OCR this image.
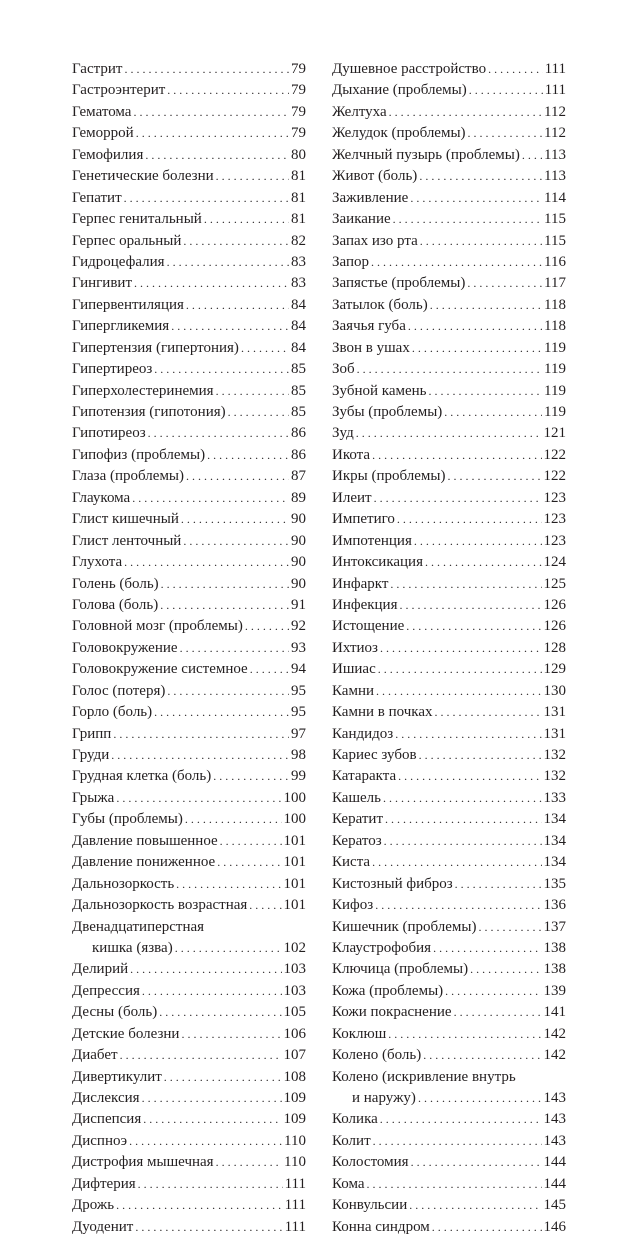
Гастрит . . .	79
Гастроэнтерит . . .	79
Гематома . . .	79
Геморрой . . .	79
Гемофилия . . .	80
Генетические болезни . . .	81
Гепатит . . .	81
Герпес генитальный . . .	81
Герпес оральный . . .	82
Гидроцефалия . . .	83
Гингивит . . .	83
Гипервентиляция . . .	84
Гипергликемия . . .	84
Гипертензия (гипертония) . . .	84
Гипертиреоз . . .	85
Гиперхолестеринемия . . .	85
Гипотензия (гипотония) . . .	85
Гипотиреоз . . .	86
Гипофиз (проблемы) . . .	86
Глаза (проблемы) . . .	87
Глаукома . . .	89
Глист кишечный . . .	90
Глист ленточный . . .	90
Глухота . . .	90
Голень (боль) . . .	90
Голова (боль) . . .	91
Головной мозг (проблемы) . . .	92
Головокружение . . .	93
Головокружение системное . . .	94
Голос (потеря) . . .	95
Горло (боль) . . .	95
Грипп . . .	97
Груди . . .	98
Грудная клетка (боль) . . .	99
Грыжа . . .	100
Губы (проблемы) . . .	100
Давление повышенное . . .	101
Давление пониженное . . .	101
Дальнозоркость . . .	101
Дальнозоркость возрастная . . . 101
Двенадцатиперстная
кишка (язва) . . .	102
Делирий . . .	103
Депрессия . . .	103
Десны (боль) . . .	105
Детские болезни . . .	106
Диабет . . .	107
Дивертикулит . . .	108
Дислексия . . .	109
Диспепсия . . .	109
Диспноэ . . .	110
Дистрофия мышечная . . .	110
Дифтерия . . .	111
Дрожь . . .	111
Дуоденит . . .	111
Душевное расстройство . . .	111
Дыхание (проблемы) . . .	111
Желтуха . . .	112
Желудок (проблемы) . . .	112
Желчный пузырь (проблемы) . . . 113
Живот (боль) . . .	113
Заживление . . .	114
Заикание . . .	115
Запах изо рта . . .	115
Запор . . .	116
Запястье (проблемы) . . .	117
Затылок (боль) . . .	118
Заячья губа . . .	118
Звон в ушах . . .	119
Зоб . . .	119
Зубной камень . . .	119
Зубы (проблемы) . . .	119
Зуд . . .	121
Икота . . .	122
Икры (проблемы) . . .	122
Илеит . . .	123
Импетиго . . .	123
Импотенция . . .	123
Интоксикация . . .	124
Инфаркт . . .	125
Инфекция . . .	126
Истощение . . .	126
Ихтиоз . . .	128
Ишиас . . .	129
Камни . . .	130
Камни в почках . . .	131
Кандидоз . . .	131
Кариес зубов . . .	132
Катаракта . . .	132
Кашель . . .	133
Кератит . . .	134
Кератоз . . .	134
Киста . . .	134
Кистозный фиброз . . .	135
Кифоз . . .	136
Кишечник (проблемы) . . .	137
Клаустрофобия . . .	138
Ключица (проблемы) . . .	138
Кожа (проблемы) . . .	139
Кожи покраснение . . .	141
Коклюш . . .	142
Колено (боль) . . .	142
Колено (искривление внутрь
и наружу) . . .	143
Колика . . .	143
Колит . . .	143
Колостомия . . .	144
Кома . . .	144
Конвульсии . . .	145
Конна синдром . . .	146
